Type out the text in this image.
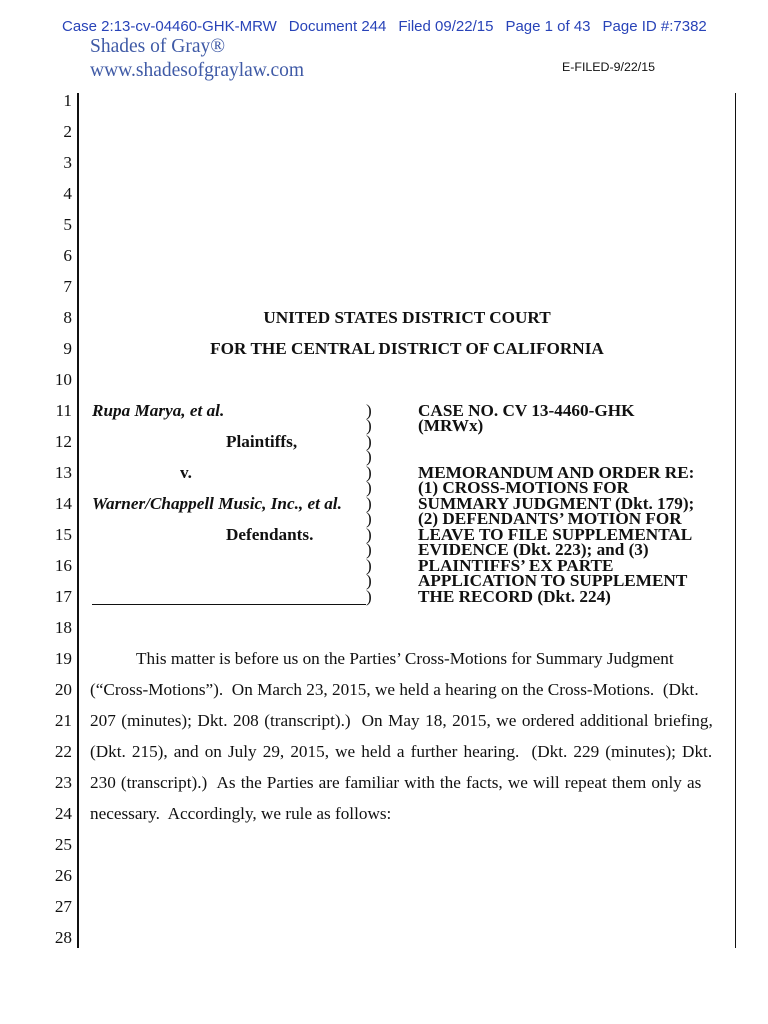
Case 2:13-cv-04460-GHK-MRW Document 244 Filed 09/22/15 Page 1 of 43 Page ID #:7382
Shades of Gray®
www.shadesofgraylaw.com	E-FILED-9/22/15
1
2
3
4
5
6
7
8
9
10
11
12
13
14
15
16
17
18
19
20
21
22
23
24
25
26
27
28
UNITED STATES DISTRICT COURT
FOR THE CENTRAL DISTRICT OF CALIFORNIA
Rupa Marya, et al.
Plaintiffs,
v.
Warner/Chappell Music, Inc., et al.
Defendants.
)
)
)
)
)
)
)
)
)
)
)
)
)
CASE NO. CV 13-4460-GHK
(MRWx)
MEMORANDUM AND ORDER RE:
(1) CROSS-MOTIONS FOR
SUMMARY JUDGMENT (Dkt. 179);
(2) DEFENDANTS’ MOTION FOR
LEAVE TO FILE SUPPLEMENTAL
EVIDENCE (Dkt. 223); and (3)
PLAINTIFFS’ EX PARTE
APPLICATION TO SUPPLEMENT
THE RECORD (Dkt. 224)
This matter is before us on the Parties’ Cross-Motions for Summary Judgment
(“Cross-Motions”).  On March 23, 2015, we held a hearing on the Cross-Motions.  (Dkt.
207 (minutes); Dkt. 208 (transcript).)  On May 18, 2015, we ordered additional briefing,
(Dkt. 215), and on July 29, 2015, we held a further hearing.  (Dkt. 229 (minutes); Dkt.
230 (transcript).)  As the Parties are familiar with the facts, we will repeat them only as
necessary.  Accordingly, we rule as follows:
